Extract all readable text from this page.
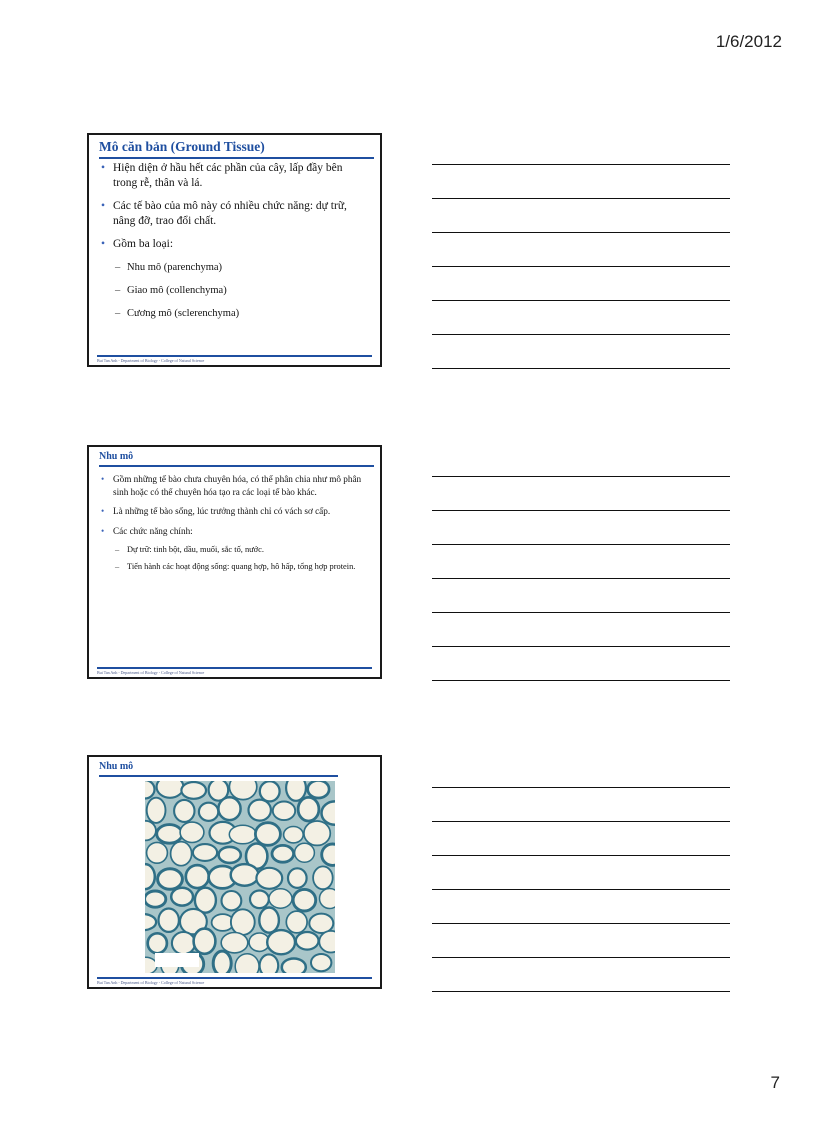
1/6/2012
Mô căn bản (Ground Tissue)
• Hiện diện ở hầu hết các phần của cây, lấp đầy bên trong rễ, thân và lá.
• Các tế bào của mô này có nhiều chức năng: dự trữ, nâng đỡ, trao đổi chất.
• Gồm ba loại:
– Nhu mô (parenchyma)
– Giao mô (collenchyma)
– Cương mô (sclerenchyma)
Bui Tan Anh - Department of Biology - College of Natural Science
Nhu mô
• Gồm những tế bào chưa chuyên hóa, có thể phân chia như mô phân sinh hoặc có thể chuyên hóa tạo ra các loại tế bào khác.
• Là những tế bào sống, lúc trưởng thành chỉ có vách sơ cấp.
• Các chức năng chính:
– Dự trữ: tinh bột, dầu, muối, sắc tố, nước.
– Tiến hành các hoạt động sống: quang hợp, hô hấp, tổng hợp protein.
Bui Tan Anh - Department of Biology - College of Natural Science
Nhu mô
Bui Tan Anh - Department of Biology - College of Natural Science
7
